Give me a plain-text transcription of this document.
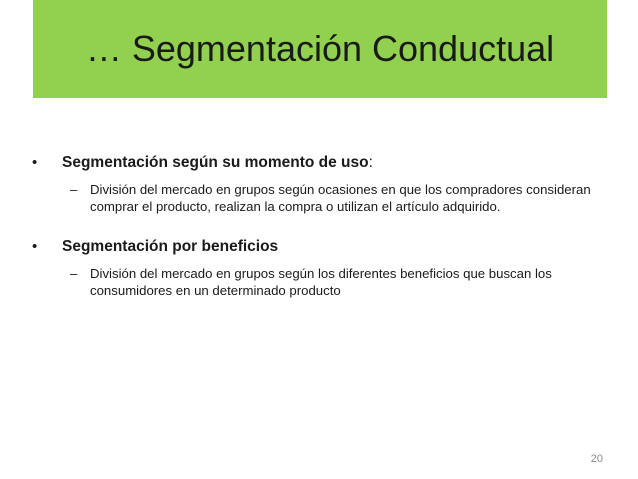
… Segmentación Conductual
• Segmentación según su momento de uso:
– División del mercado en grupos según ocasiones en que los compradores consideran comprar el producto, realizan la compra o utilizan el artículo adquirido.
• Segmentación por beneficios
– División del mercado en grupos según los diferentes beneficios que buscan los consumidores en un determinado producto
20
